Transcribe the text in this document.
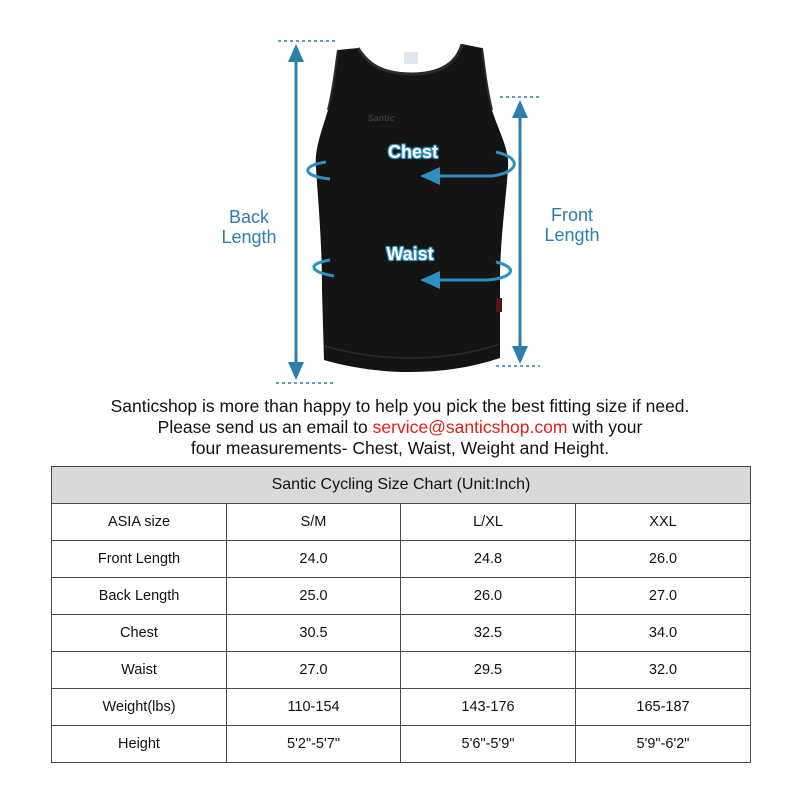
Santic
Chest
Waist
Back
Length
Front
Length
Santicshop is more than happy to help you pick the best fitting size if need.
Please send us an email to service@santicshop.com with your
four measurements- Chest, Waist, Weight and Height.
Santic Cycling Size Chart (Unit:Inch)			
ASIA size	S/M	L/XL	XXL
Front Length	24.0	24.8	26.0
Back Length	25.0	26.0	27.0
Chest	30.5	32.5	34.0
Waist	27.0	29.5	32.0
Weight(lbs)	110-154	143-176	165-187
Height	5'2"-5'7"	5'6"-5'9"	5'9"-6'2"
